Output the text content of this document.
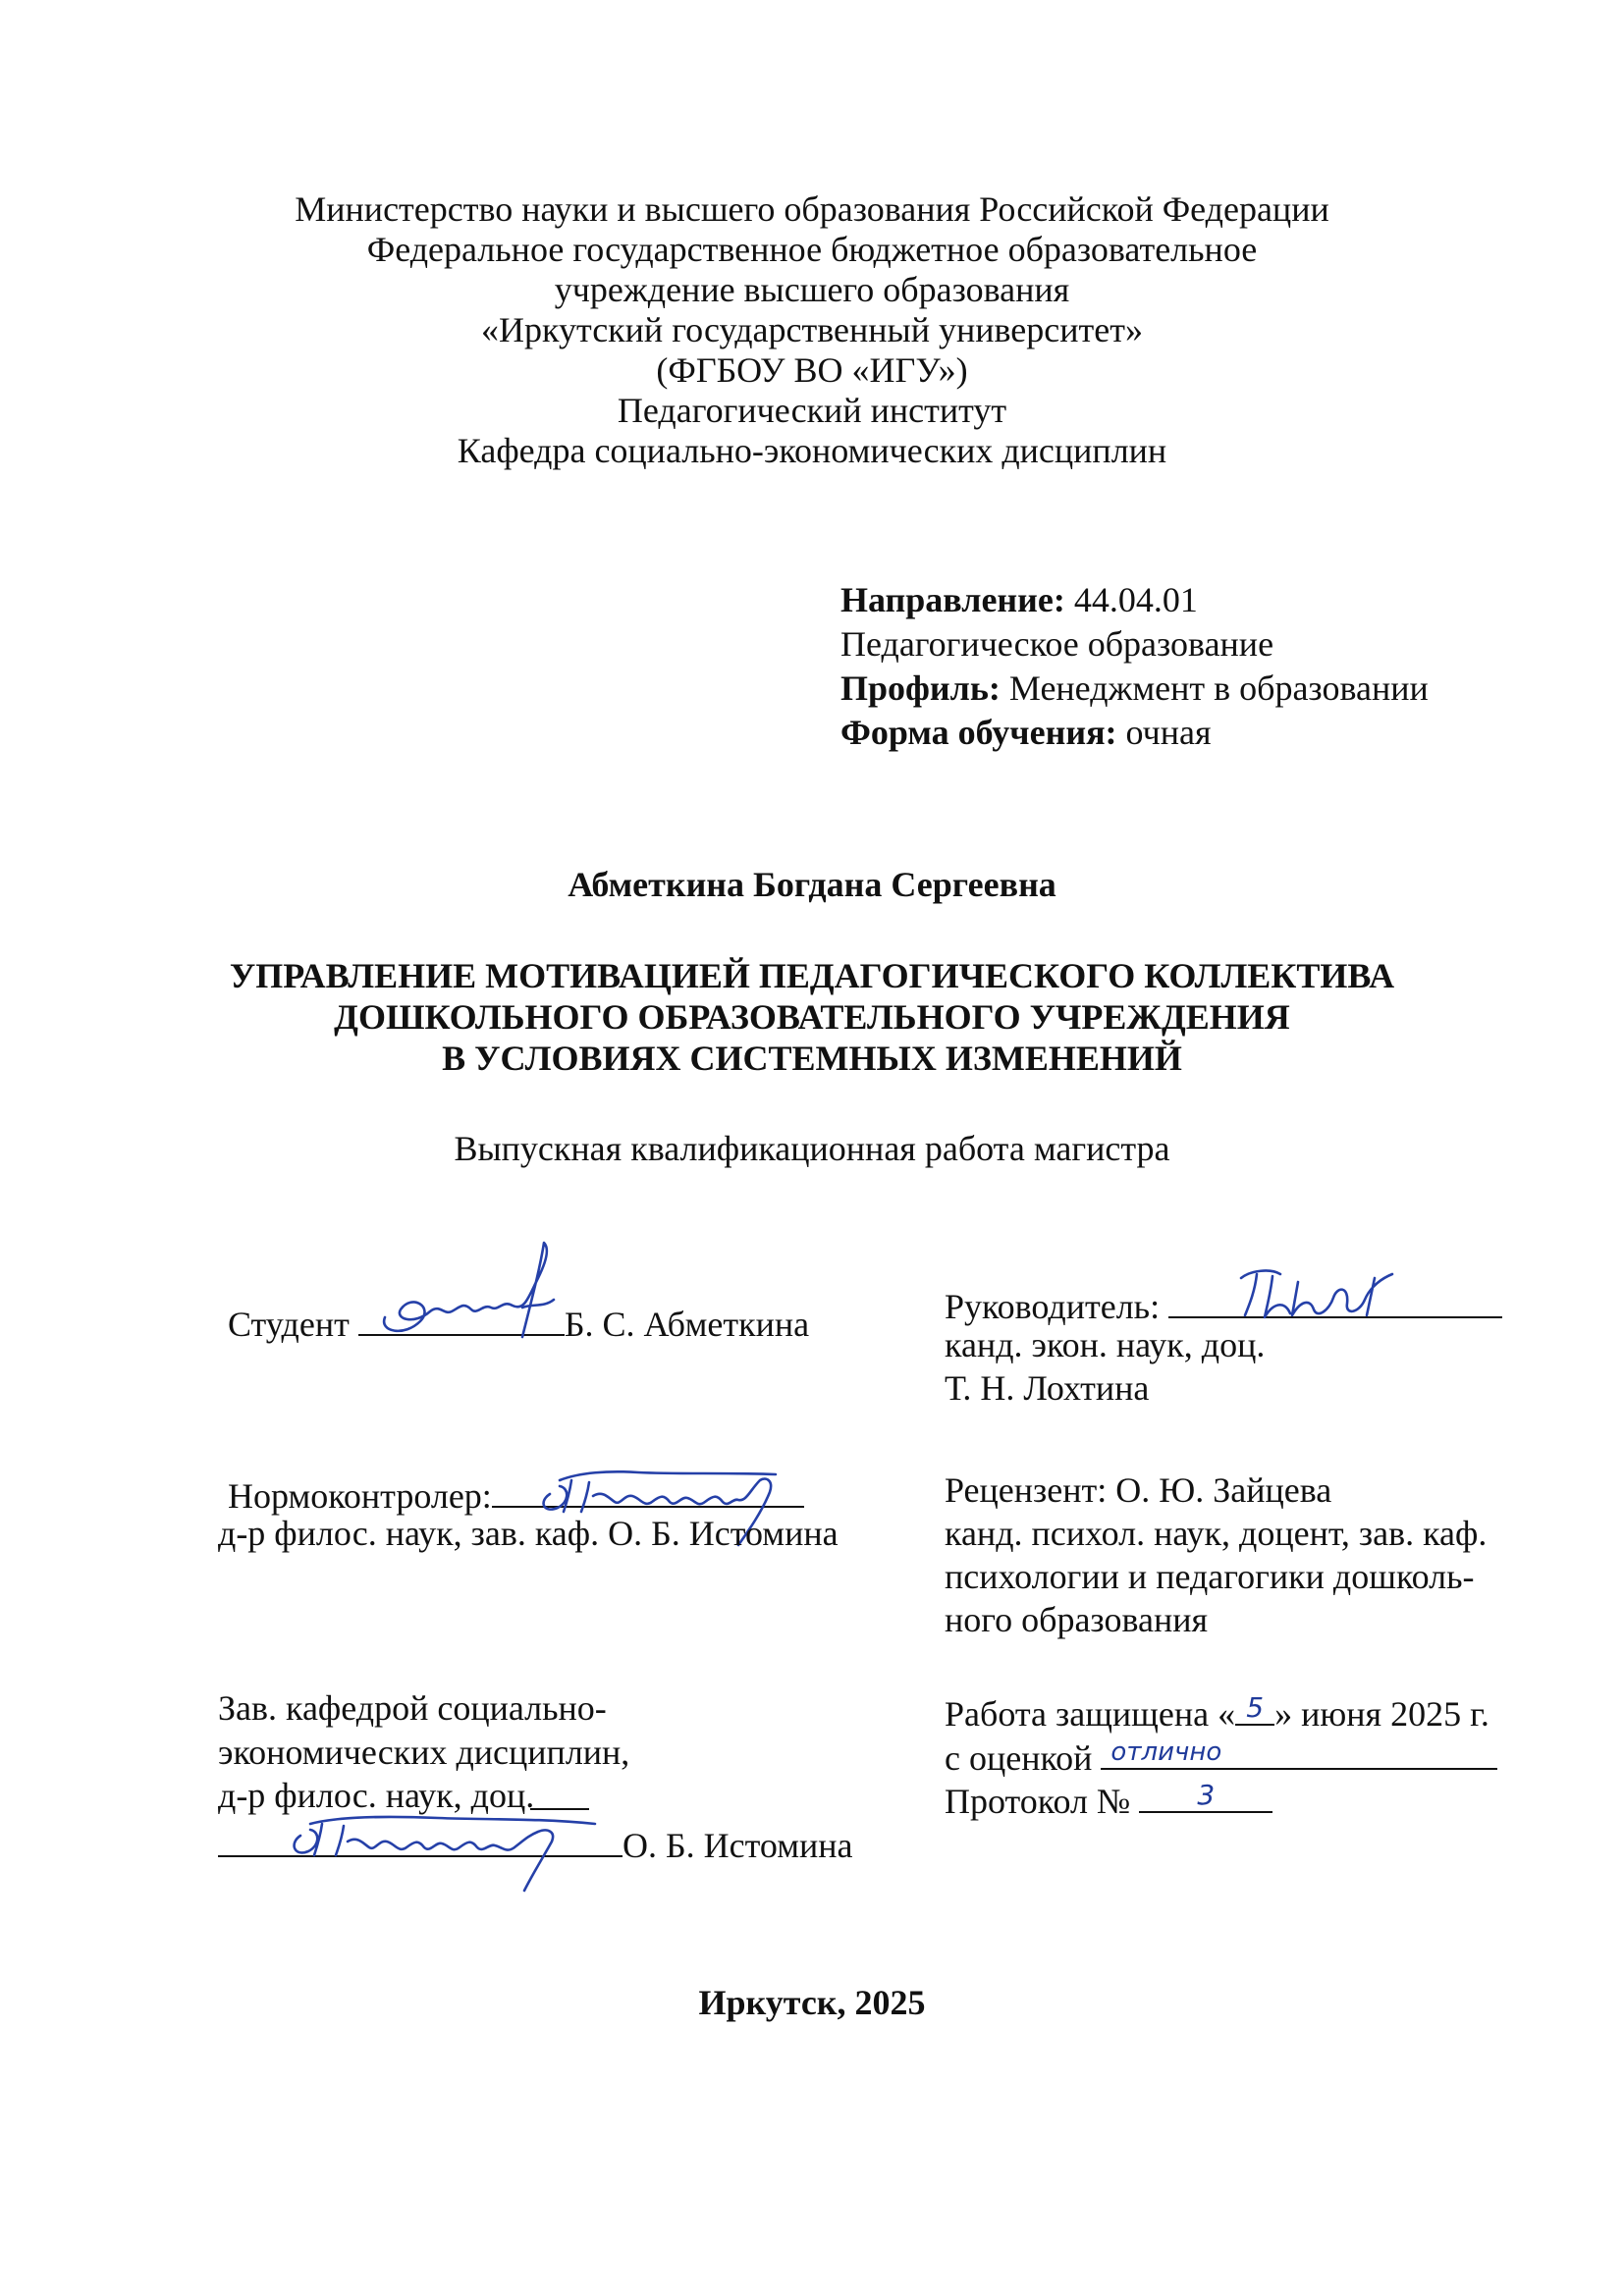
Министерство науки и высшего образования Российской Федерации
Федеральное государственное бюджетное образовательное
учреждение высшего образования
«Иркутский государственный университет»
(ФГБОУ ВО «ИГУ»)
Педагогический институт
Кафедра социально-экономических дисциплин
Направление: 44.04.01
Педагогическое образование
Профиль: Менеджмент в образовании
Форма обучения: очная
Абметкина Богдана Сергеевна
УПРАВЛЕНИЕ МОТИВАЦИЕЙ ПЕДАГОГИЧЕСКОГО КОЛЛЕКТИВА
ДОШКОЛЬНОГО ОБРАЗОВАТЕЛЬНОГО УЧРЕЖДЕНИЯ
В УСЛОВИЯХ СИСТЕМНЫХ ИЗМЕНЕНИЙ
Выпускная квалификационная работа магистра
Студент	Б. С. Абметкина	Руководитель:
канд. экон. наук, доц.
Т. Н. Лохтина
Нормоконтролер:
д-р филос. наук, зав. каф. О. Б. Истомина
Рецензент: О. Ю. Зайцева
канд. психол. наук, доцент, зав. каф.
психологии и педагогики дошколь-
ного образования
Зав. кафедрой социально-
экономических дисциплин,
д-р филос. наук, доц.
О. Б. Истомина
Работа защищена « 5 » июня 2025 г.
с оценкой отлично
Протокол №	3
Иркутск, 2025
